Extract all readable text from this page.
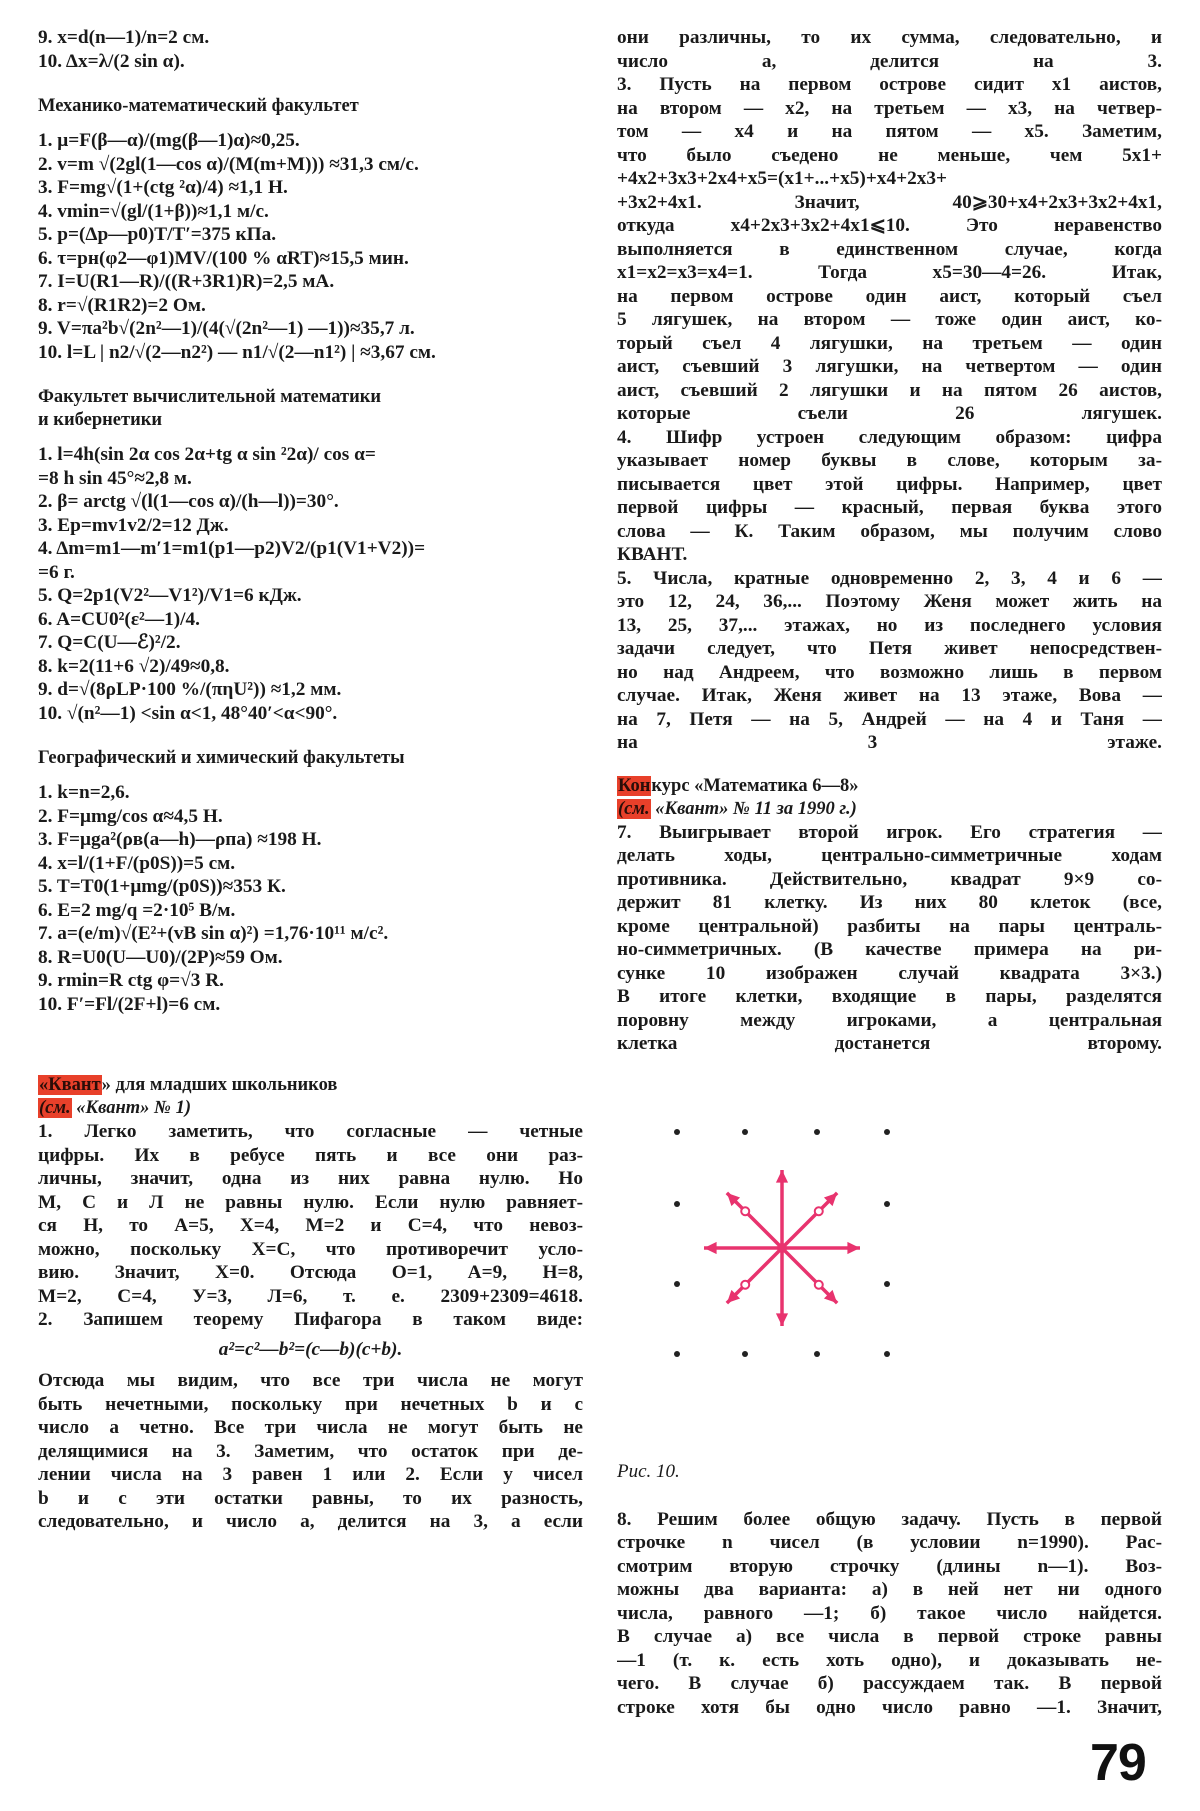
9. x=d(n—1)/n=2 см.
10. Δx=λ/(2 sin α).
Механико-математический факультет
1. μ=F(β—α)/(mg(β—1)α)≈0,25.
2. v=m √(2gl(1—cos α)/(M(m+M))) ≈31,3 см/с.
3. F=mg√(1+(ctg ²α)/4) ≈1,1 Н.
4. vmin=√(gl/(1+β))≈1,1 м/с.
5. p=(Δp—p0)T/T′=375 кПа.
6. τ=pн(φ2—φ1)MV/(100 % αRT)≈15,5 мин.
7. I=U(R1—R)/((R+3R1)R)=2,5 мА.
8. r=√(R1R2)=2 Ом.
9. V=πa²b√(2n²—1)/(4(√(2n²—1) —1))≈35,7 л.
10. l=L | n2/√(2—n2²) — n1/√(2—n1²) | ≈3,67 см.
Факультет вычислительной математики
и кибернетики
1. l=4h(sin 2α cos 2α+tg α sin ²2α)/ cos α=
=8 h sin 45°≈2,8 м.
2. β= arctg √(l(1—cos α)/(h—l))=30°.
3. Ep=mv1v2/2=12 Дж.
4. Δm=m1—m′1=m1(p1—p2)V2/(p1(V1+V2))=
=6 г.
5. Q=2p1(V2²—V1²)/V1=6 кДж.
6. A=CU0²(ε²—1)/4.
7. Q=C(U—ℰ)²/2.
8. k=2(11+6 √2)/49≈0,8.
9. d=√(8ρLP·100 %/(πηU²)) ≈1,2 мм.
10. √(n²—1) <sin α<1, 48°40′<α<90°.
Географический и химический факультеты
1. k=n=2,6.
2. F=μmg/cos α≈4,5 Н.
3. F=μga²(ρв(a—h)—ρпa) ≈198 Н.
4. x=l/(1+F/(p0S))=5 см.
5. T=T0(1+μmg/(p0S))≈353 К.
6. E=2 mg/q =2·10⁵ В/м.
7. a=(e/m)√(E²+(vB sin α)²) =1,76·10¹¹ м/с².
8. R=U0(U—U0)/(2P)≈59 Ом.
9. rmin=R ctg φ=√3 R.
10. F′=Fl/(2F+l)=6 см.
«Квант» для младших школьников
(см. «Квант» № 1)
1. Легко заметить, что согласные — четные
цифры. Их в ребусе пять и все они раз-
личны, значит, одна из них равна нулю. Но
М, С и Л не равны нулю. Если нулю равняет-
ся Н, то А=5, Х=4, М=2 и С=4, что невоз-
можно, поскольку Х=С, что противоречит усло-
вию. Значит, Х=0. Отсюда О=1, А=9, Н=8,
М=2, С=4, У=3, Л=6, т. е. 2309+2309=4618.
2. Запишем теорему Пифагора в таком виде:
a²=c²—b²=(c—b)(c+b).
Отсюда мы видим, что все три числа не могут
быть нечетными, поскольку при нечетных b и c
число a четно. Все три числа не могут быть не
делящимися на 3. Заметим, что остаток при де-
лении числа на 3 равен 1 или 2. Если у чисел
b и c эти остатки равны, то их разность,
следовательно, и число a, делится на 3, а если
они различны, то их сумма, следовательно, и
число a, делится на 3.
3. Пусть на первом острове сидит x1 аистов,
на втором — x2, на третьем — x3, на четвер-
том — x4 и на пятом — x5. Заметим,
что было съедено не меньше, чем 5x1+
+4x2+3x3+2x4+x5=(x1+...+x5)+x4+2x3+
+3x2+4x1. Значит, 40⩾30+x4+2x3+3x2+4x1,
откуда x4+2x3+3x2+4x1⩽10. Это неравенство
выполняется в единственном случае, когда
x1=x2=x3=x4=1. Тогда x5=30—4=26. Итак,
на первом острове один аист, который съел
5 лягушек, на втором — тоже один аист, ко-
торый съел 4 лягушки, на третьем — один
аист, съевший 3 лягушки, на четвертом — один
аист, съевший 2 лягушки и на пятом 26 аистов,
которые съели 26 лягушек.
4. Шифр устроен следующим образом: цифра
указывает номер буквы в слове, которым за-
писывается цвет этой цифры. Например, цвет
первой цифры — красный, первая буква этого
слова — К. Таким образом, мы получим слово
КВАНТ.
5. Числа, кратные одновременно 2, 3, 4 и 6 —
это 12, 24, 36,... Поэтому Женя может жить на
13, 25, 37,... этажах, но из последнего условия
задачи следует, что Петя живет непосредствен-
но над Андреем, что возможно лишь в первом
случае. Итак, Женя живет на 13 этаже, Вова —
на 7, Петя — на 5, Андрей — на 4 и Таня —
на 3 этаже.
Конкурс «Математика 6—8»
(см. «Квант» № 11 за 1990 г.)
7. Выигрывает второй игрок. Его стратегия —
делать ходы, центрально-симметричные ходам
противника. Действительно, квадрат 9×9 со-
держит 81 клетку. Из них 80 клеток (все,
кроме центральной) разбиты на пары централь-
но-симметричных. (В качестве примера на ри-
сунке 10 изображен случай квадрата 3×3.)
В итоге клетки, входящие в пары, разделятся
поровну между игроками, а центральная
клетка достанется второму.
Рис. 10.
8. Решим более общую задачу. Пусть в первой
строчке n чисел (в условии n=1990). Рас-
смотрим вторую строчку (длины n—1). Воз-
можны два варианта: а) в ней нет ни одного
числа, равного —1; б) такое число найдется.
В случае а) все числа в первой строке равны
—1 (т. к. есть хоть одно), и доказывать не-
чего. В случае б) рассуждаем так. В первой
строке хотя бы одно число равно —1. Значит,
79
